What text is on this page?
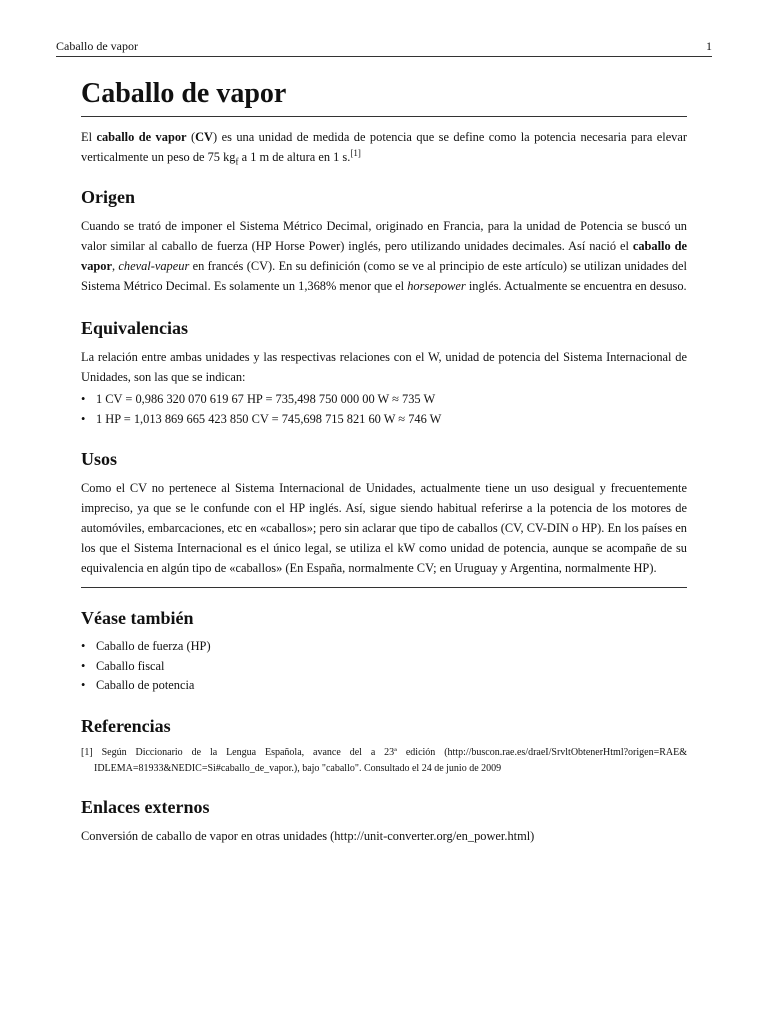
Caballo de vapor	1
Caballo de vapor

El caballo de vapor (CV) es una unidad de medida de potencia que se define como la potencia necesaria para elevar verticalmente un peso de 75 $kg_f$ a 1 m de altura en 1 s.[1]

Origen

Cuando se trató de imponer el Sistema Métrico Decimal, originado en Francia, para la unidad de Potencia se buscó un valor similar al caballo de fuerza (HP Horse Power) inglés, pero utilizando unidades decimales. Así nació el caballo de vapor, cheval-vapeur en francés (CV). En su definición (como se ve al principio de este artículo) se utilizan unidades del Sistema Métrico Decimal. Es solamente un 1,368% menor que el horsepower inglés. Actualmente se encuentra en desuso.

Equivalencias

La relación entre ambas unidades y las respectivas relaciones con el W, unidad de potencia del Sistema Internacional de Unidades, son las que se indican:

• 1 CV = 0,986 320 070 619 67 HP = 735,498 750 000 00 W ≈ 735 W
• 1 HP = 1,013 869 665 423 850 CV = 745,698 715 821 60 W ≈ 746 W
Usos

Como el CV no pertenece al Sistema Internacional de Unidades, actualmente tiene un uso desigual y frecuentemente impreciso, ya que se le confunde con el HP inglés. Así, sigue siendo habitual referirse a la potencia de los motores de automóviles, embarcaciones, etc en «caballos»; pero sin aclarar que tipo de caballos (CV, CV-DIN o HP). En los países en los que el Sistema Internacional es el único legal, se utiliza el kW como unidad de potencia, aunque se acompañe de su equivalencia en algún tipo de «caballos» (En España, normalmente CV; en Uruguay y Argentina, normalmente HP).

Véase también
• Caballo de fuerza (HP)
• Caballo fiscal
• Caballo de potencia
Referencias

[1] Según Diccionario de la Lengua Española, avance del a 23ª edición (http://buscon.rae.es/draeI/SrvltObtenerHtml?origen=RAE& IDLEMA=81933&NEDIC=Si#caballo_de_vapor.), bajo "caballo". Consultado el 24 de junio de 2009

Enlaces externos

Conversión de caballo de vapor en otras unidades (http://unit-converter.org/en_power.html)
